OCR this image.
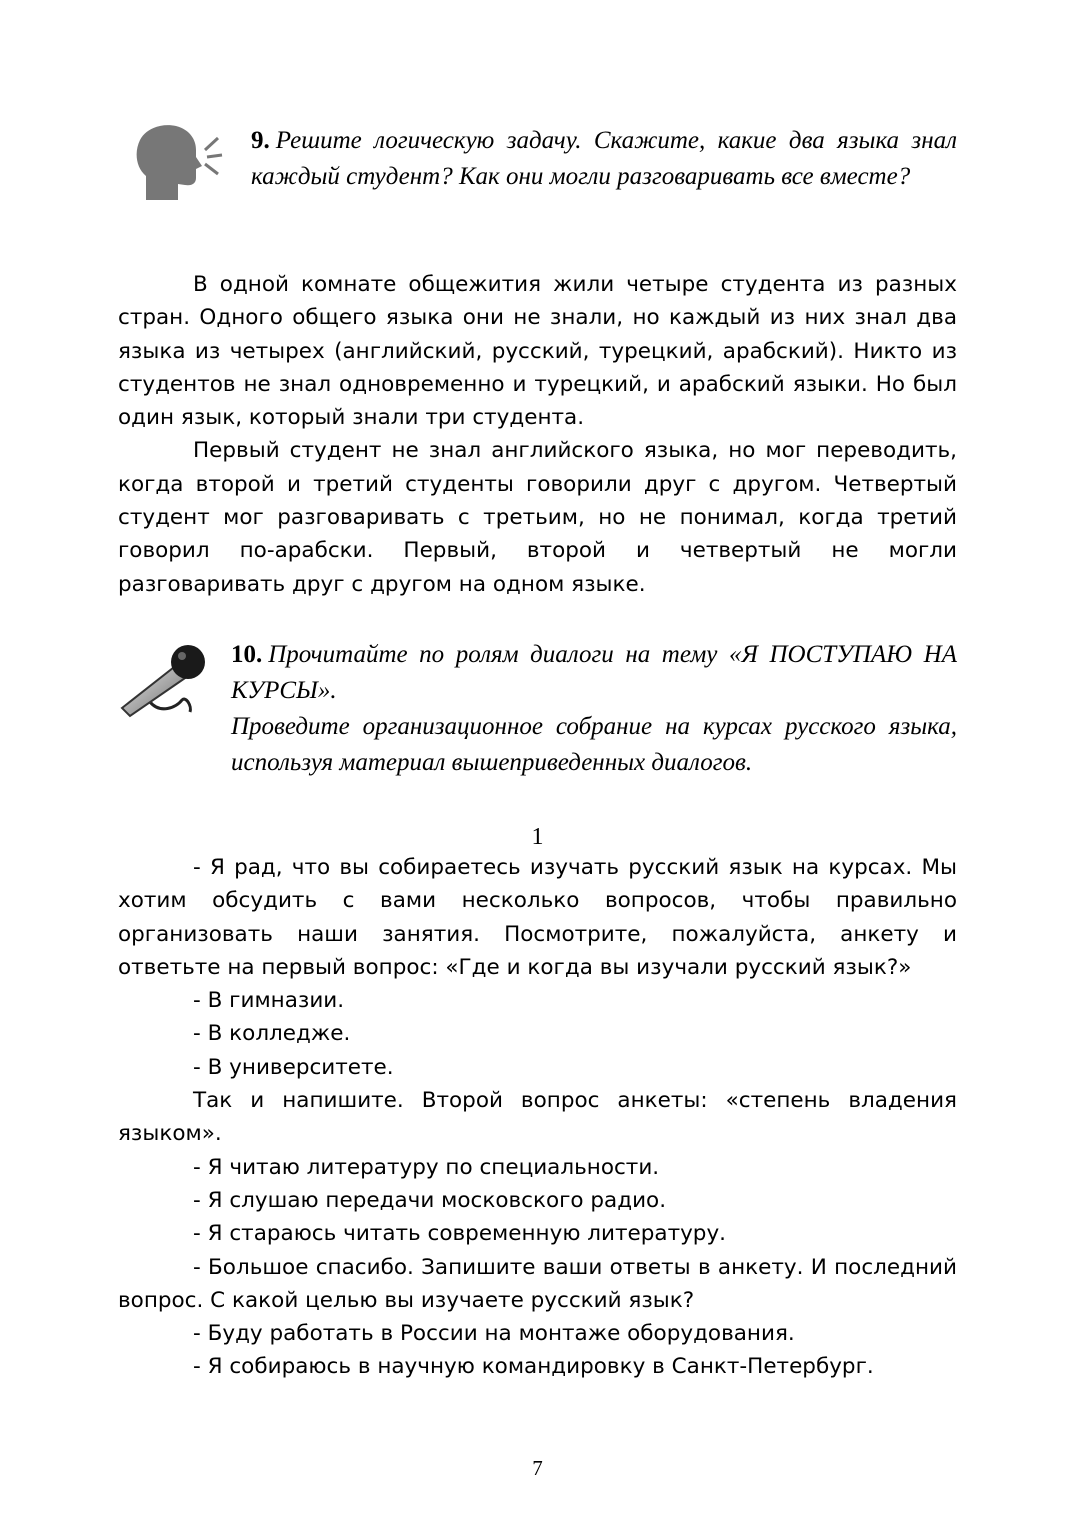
9. Решите логическую задачу. Скажите, какие два языка знал каждый студент? Как они могли разговаривать все вместе?

В одной комнате общежития жили четыре студента из разных стран. Одного общего языка они не знали, но каждый из них знал два языка из четырех (английский, русский, турецкий, арабский). Никто из студентов не знал одновременно и турецкий, и арабский языки. Но был один язык, который знали три студента.

Первый студент не знал английского языка, но мог переводить, когда второй и третий студенты говорили друг с другом. Четвертый студент мог разговаривать с третьим, но не понимал, когда третий говорил по-арабски. Первый, второй и четвертый не могли разговаривать друг с другом на одном языке.

10. Прочитайте по ролям диалоги на тему «Я ПОСТУПАЮ НА КУРСЫ».

Проведите организационное собрание на курсах русского языка, используя материал вышеприведенных диалогов.

1

- Я рад, что вы собираетесь изучать русский язык на курсах. Мы хотим обсудить с вами несколько вопросов, чтобы правильно организовать наши занятия. Посмотрите, пожалуйста, анкету и ответьте на первый вопрос: «Где и когда вы изучали русский язык?»

- В гимназии.

- В колледже.

- В университете.

Так и напишите. Второй вопрос анкеты: «степень владения языком».

- Я читаю литературу по специальности.

- Я слушаю передачи московского радио.

- Я стараюсь читать современную литературу.

- Большое спасибо. Запишите ваши ответы в анкету. И последний вопрос. С какой целью вы изучаете русский язык?

- Буду работать в России на монтаже оборудования.

- Я собираюсь в научную командировку в Санкт-Петербург.

7
